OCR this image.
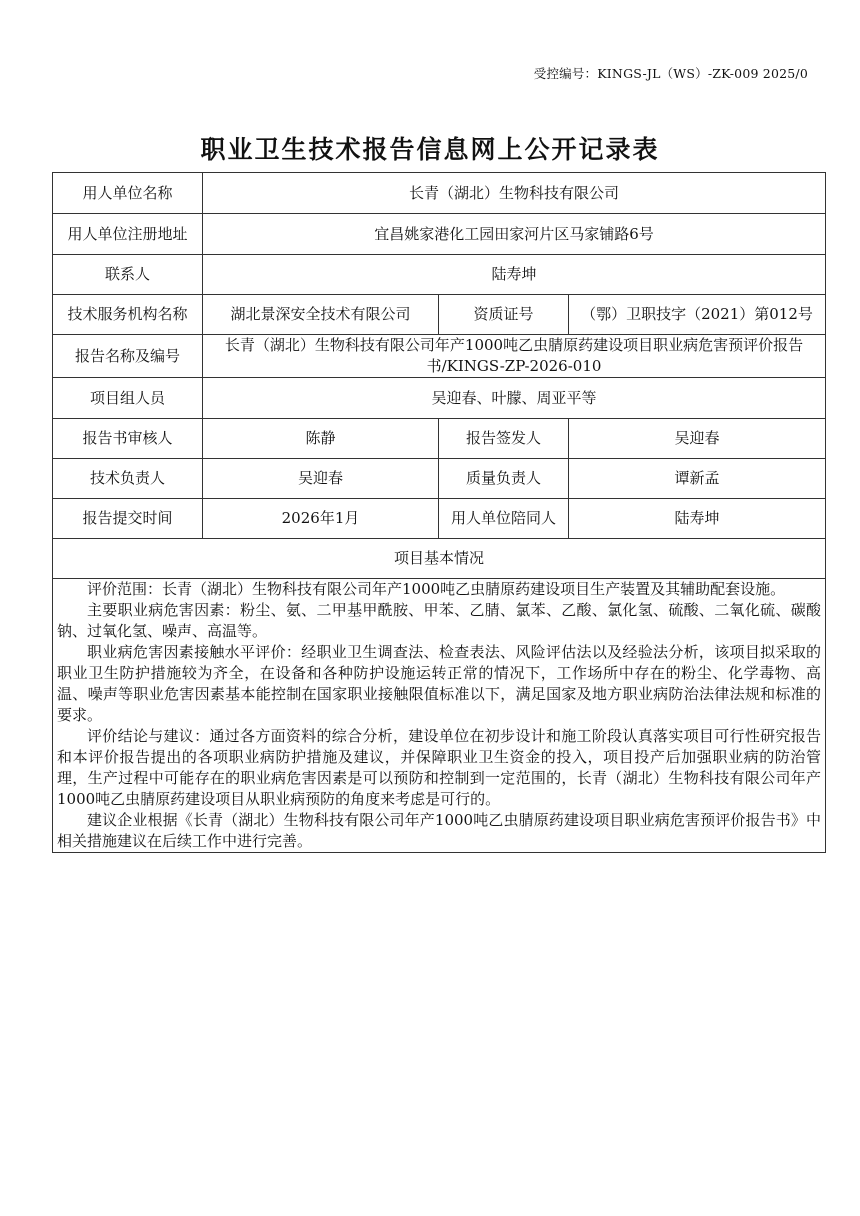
受控编号：KINGS-JL（WS）-ZK-009 2025/0
职业卫生技术报告信息网上公开记录表
用人单位名称	长青（湖北）生物科技有限公司		
用人单位注册地址	宜昌姚家港化工园田家河片区马家铺路6号		
联系人	陆寿坤		
技术服务机构名称	湖北景深安全技术有限公司	资质证号	（鄂）卫职技字（2021）第012号
报告名称及编号	长青（湖北）生物科技有限公司年产1000吨乙虫腈原药建设项目职业病危害预评价报告书/KINGS-ZP-2026-010		
项目组人员	吴迎春、叶朦、周亚平等		
报告书审核人	陈静	报告签发人	吴迎春
技术负责人	吴迎春	质量负责人	谭新孟
报告提交时间	2026年1月	用人单位陪同人	陆寿坤
项目基本情况			

评价范围：长青（湖北）生物科技有限公司年产1000吨乙虫腈原药建设项目生产装置及其辅助配套设施。

主要职业病危害因素：粉尘、氨、二甲基甲酰胺、甲苯、乙腈、氯苯、乙酸、氯化氢、硫酸、二氧化硫、碳酸钠、过氧化氢、噪声、高温等。

职业病危害因素接触水平评价：经职业卫生调查法、检查表法、风险评估法以及经验法分析，该项目拟采取的职业卫生防护措施较为齐全，在设备和各种防护设施运转正常的情况下，工作场所中存在的粉尘、化学毒物、高温、噪声等职业危害因素基本能控制在国家职业接触限值标准以下，满足国家及地方职业病防治法律法规和标准的要求。

评价结论与建议：通过各方面资料的综合分析，建设单位在初步设计和施工阶段认真落实项目可行性研究报告和本评价报告提出的各项职业病防护措施及建议，并保障职业卫生资金的投入，项目投产后加强职业病的防治管理，生产过程中可能存在的职业病危害因素是可以预防和控制到一定范围的，长青（湖北）生物科技有限公司年产1000吨乙虫腈原药建设项目从职业病预防的角度来考虑是可行的。

建议企业根据《长青（湖北）生物科技有限公司年产1000吨乙虫腈原药建设项目职业病危害预评价报告书》中相关措施建议在后续工作中进行完善。			
